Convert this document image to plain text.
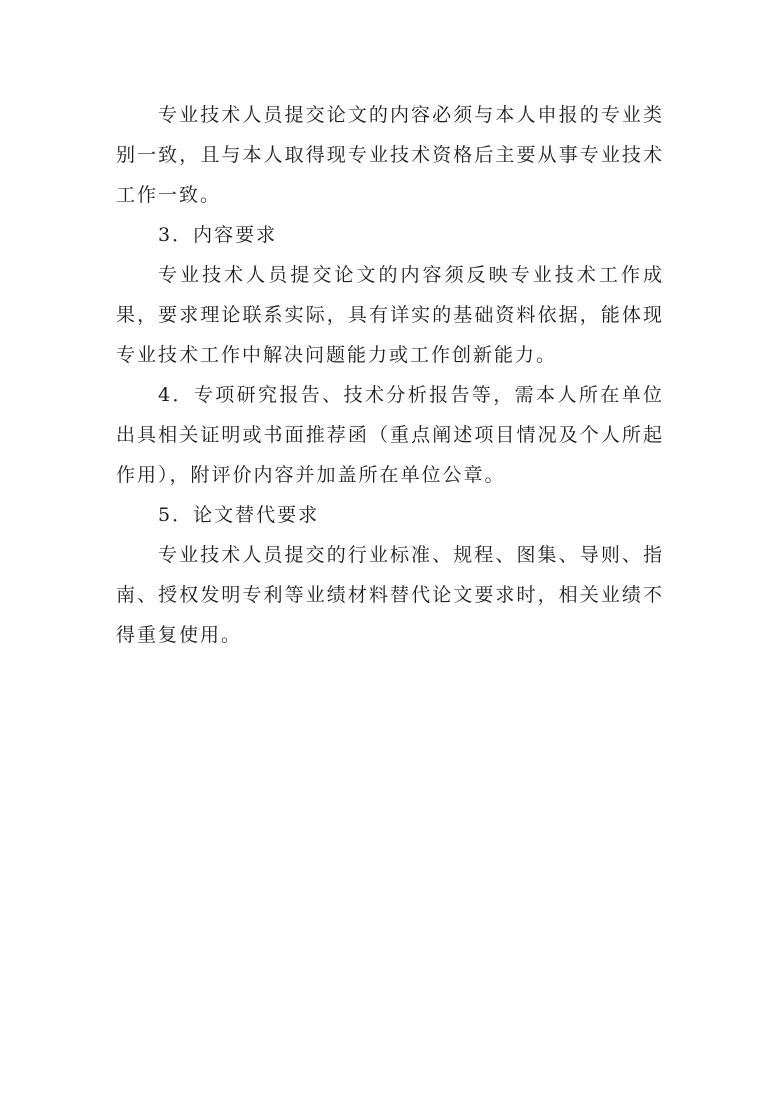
专业技术人员提交论文的内容必须与本人申报的专业类别一致，且与本人取得现专业技术资格后主要从事专业技术工作一致。

3．内容要求

专业技术人员提交论文的内容须反映专业技术工作成果，要求理论联系实际，具有详实的基础资料依据，能体现专业技术工作中解决问题能力或工作创新能力。

4．专项研究报告、技术分析报告等，需本人所在单位出具相关证明或书面推荐函（重点阐述项目情况及个人所起作用），附评价内容并加盖所在单位公章。

5．论文替代要求

专业技术人员提交的行业标准、规程、图集、导则、指南、授权发明专利等业绩材料替代论文要求时，相关业绩不得重复使用。
